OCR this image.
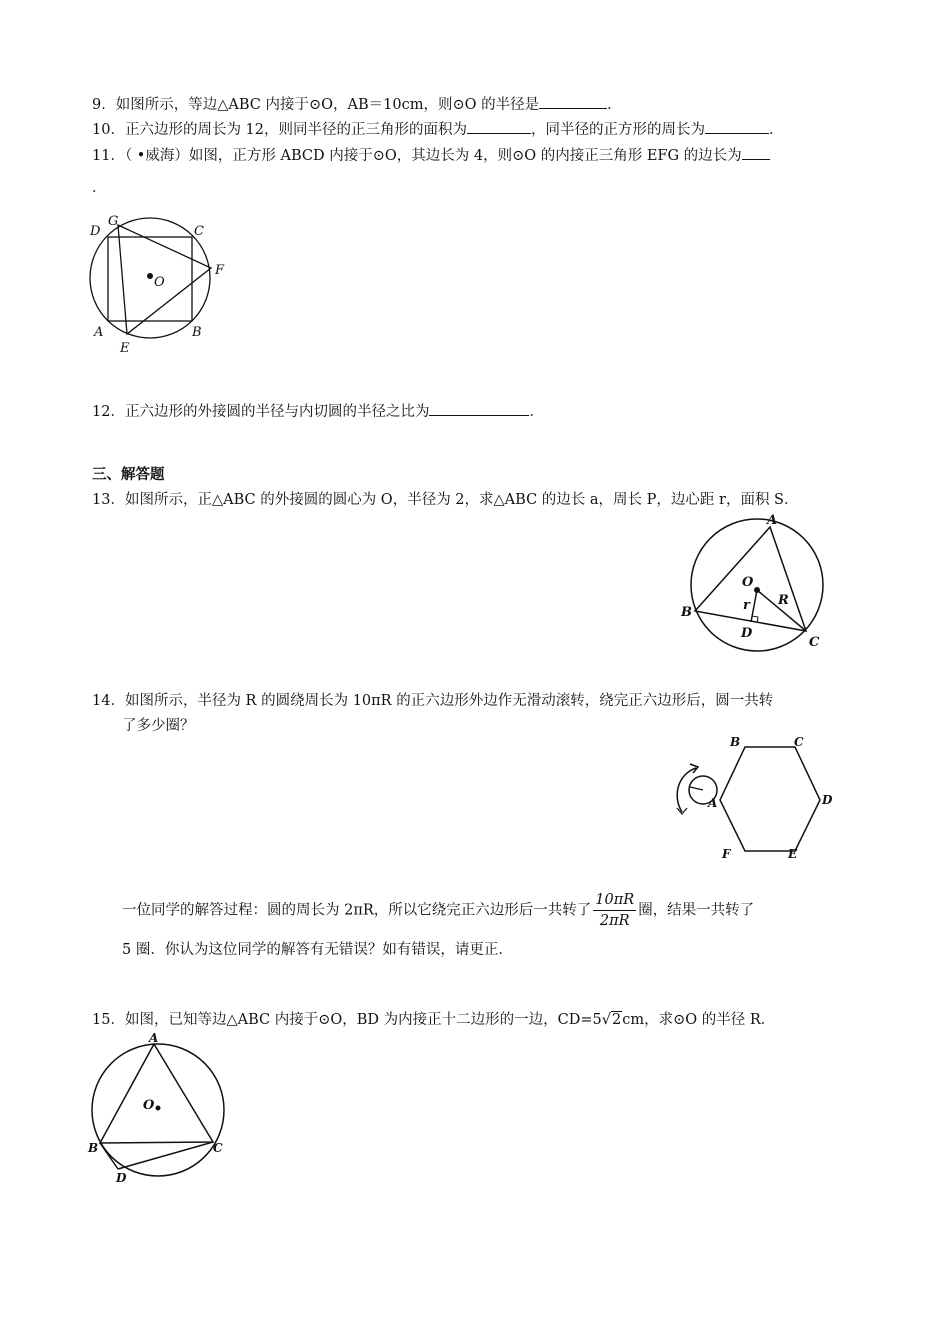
9．如图所示，等边△ABC 内接于⊙O，AB＝10cm，则⊙O 的半径是	．
10．正六边形的周长为 12，则同半径的正三角形的面积为	，同半径的正方形的周长为	．
11．（ •威海）如图，正方形 ABCD 内接于⊙O，其边长为 4，则⊙O 的内接正三角形 EFG 的边长为
．
G
D	C
F
O
A
E
B
12．正六边形的外接圆的半径与内切圆的半径之比为	．
三、解答题
13．如图所示，正△ABC 的外接圆的圆心为 O，半径为 2，求△ABC 的边长 a，周长 P，边心距 r，面积 S．
A
O
R
r
B
D
C
14．如图所示，半径为 R 的圆绕周长为 10πR 的正六边形外边作无滑动滚转，绕完正六边形后，圆一共转
了多少圈？
B	C
D
A
F	E
一位同学的解答过程：圆的周长为 2πR，所以它绕完正六边形后一共转了 $\frac{10\pi R}{2\pi R}$ 圈，结果一共转了
5 圈．你认为这位同学的解答有无错误？如有错误，请更正．
15．如图，已知等边△ABC 内接于⊙O，BD 为内接正十二边形的一边，CD=5√2cm，求⊙O 的半径 R．
A
O
B	C
D
